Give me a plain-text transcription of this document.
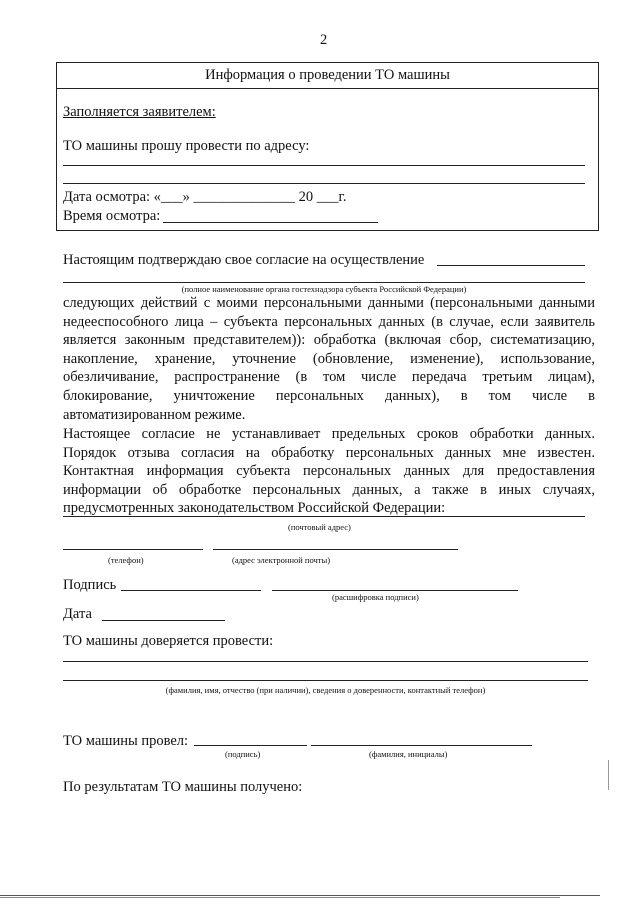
2
Информация о проведении ТО машины
Заполняется заявителем:
ТО машины прошу провести по адресу:
Дата осмотра: «___» ______________ 20 ___г.
Время осмотра:
Настоящим подтверждаю свое согласие на осуществление
(полное наименование органа гостехнадзора субъекта Российской Федерации)
следующих действий с моими персональными данными (персональными данными
недееспособного лица – субъекта персональных данных (в случае, если заявитель
является законным представителем)): обработка (включая сбор, систематизацию,
накопление, хранение, уточнение (обновление, изменение), использование,
обезличивание, распространение (в том числе передача третьим лицам),
блокирование, уничтожение персональных данных), в том числе в
автоматизированном режиме.
Настоящее согласие не устанавливает предельных сроков обработки данных.
Порядок отзыва согласия на обработку персональных данных мне известен.
Контактная информация субъекта персональных данных для предоставления
информации об обработке персональных данных, а также в иных случаях,
предусмотренных законодательством Российской Федерации:
(почтовый адрес)
(телефон)	(адрес электронной почты)
Подпись
(расшифровка подписи)
Дата
ТО машины доверяется провести:
(фамилия, имя, отчество (при наличии), сведения о доверенности, контактный телефон)
ТО машины провел:
(подпись)	(фамилия, инициалы)
По результатам ТО машины получено:
